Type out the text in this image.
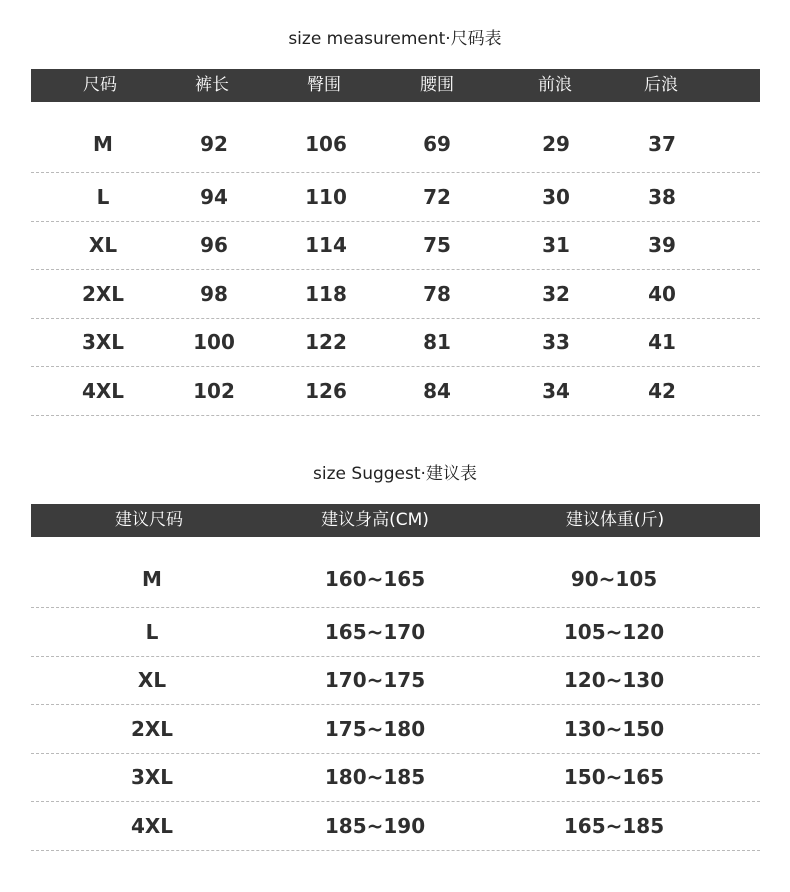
size measurement·尺码表
尺码	裤长	臀围	腰围	前浪	后浪
M	92	106	69	29	37
L	94	110	72	30	38
XL	96	114	75	31	39
2XL	98	118	78	32	40
3XL	100	122	81	33	41
4XL	102	126	84	34	42
size Suggest·建议表
建议尺码	建议身高(CM)	建议体重(斤)
M	160~165	90~105
L	165~170	105~120
XL	170~175	120~130
2XL	175~180	130~150
3XL	180~185	150~165
4XL	185~190	165~185
